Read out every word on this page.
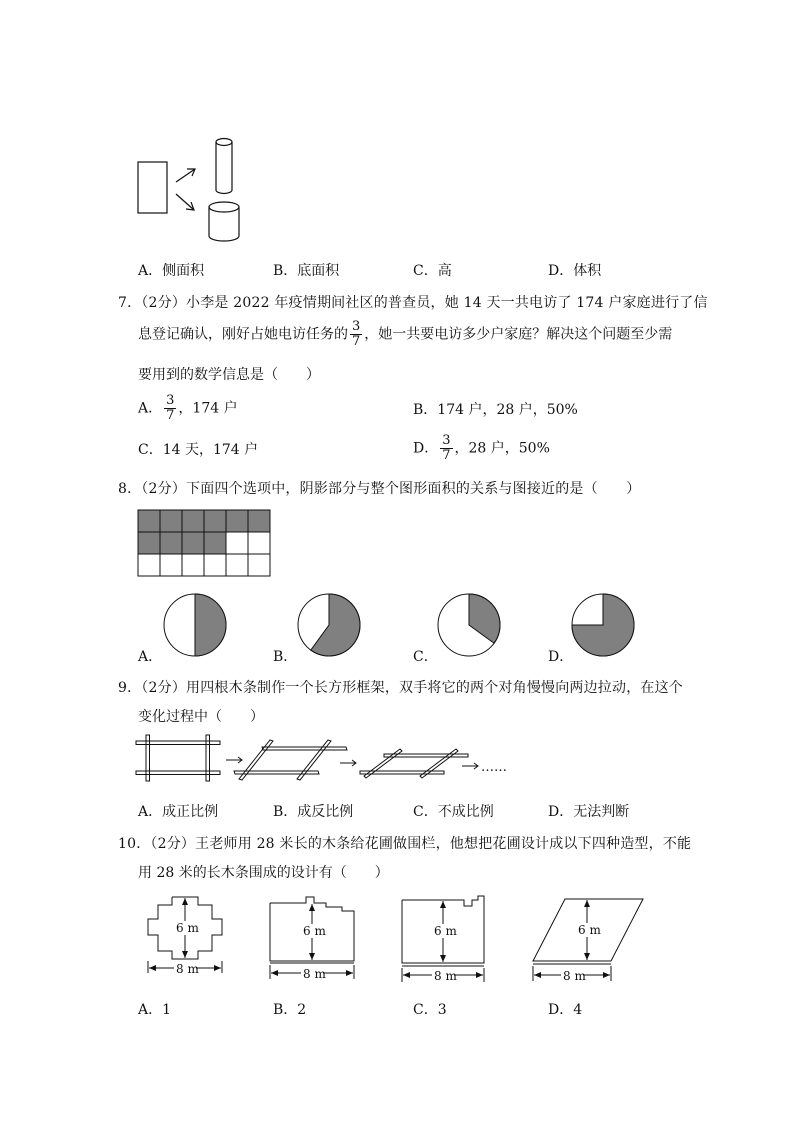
A．侧面积	B．底面积	C．高	D．体积
7．（2分）小李是 2022 年疫情期间社区的普查员，她 14 天一共电访了 174 户家庭进行了信
息登记确认，刚好占她电访任务的 $\frac{3}{7}$ ，她一共要电访多少户家庭？解决这个问题至少需
要用到的数学信息是（　　）
A． $\frac{3}{7}$ ，174 户	B．174 户，28 户，50%
C．14 天，174 户	D． $\frac{3}{7}$ ，28 户，50%
8．（2分）下面四个选项中，阴影部分与整个图形面积的关系与图接近的是（　　）
A．	B．	C．	D．
9．（2分）用四根木条制作一个长方形框架，双手将它的两个对角慢慢向两边拉动，在这个
变化过程中（　　）
……
A．成正比例	B．成反比例	C．不成比例	D．无法判断
10．（2分）王老师用 28 米长的木条给花圃做围栏，他想把花圃设计成以下四种造型，不能
用 28 米的长木条围成的设计有（　　）
6 m
8 m
6 m
8 m
6 m
8 m
6 m
8 m
A．1	B．2	C．3	D．4
